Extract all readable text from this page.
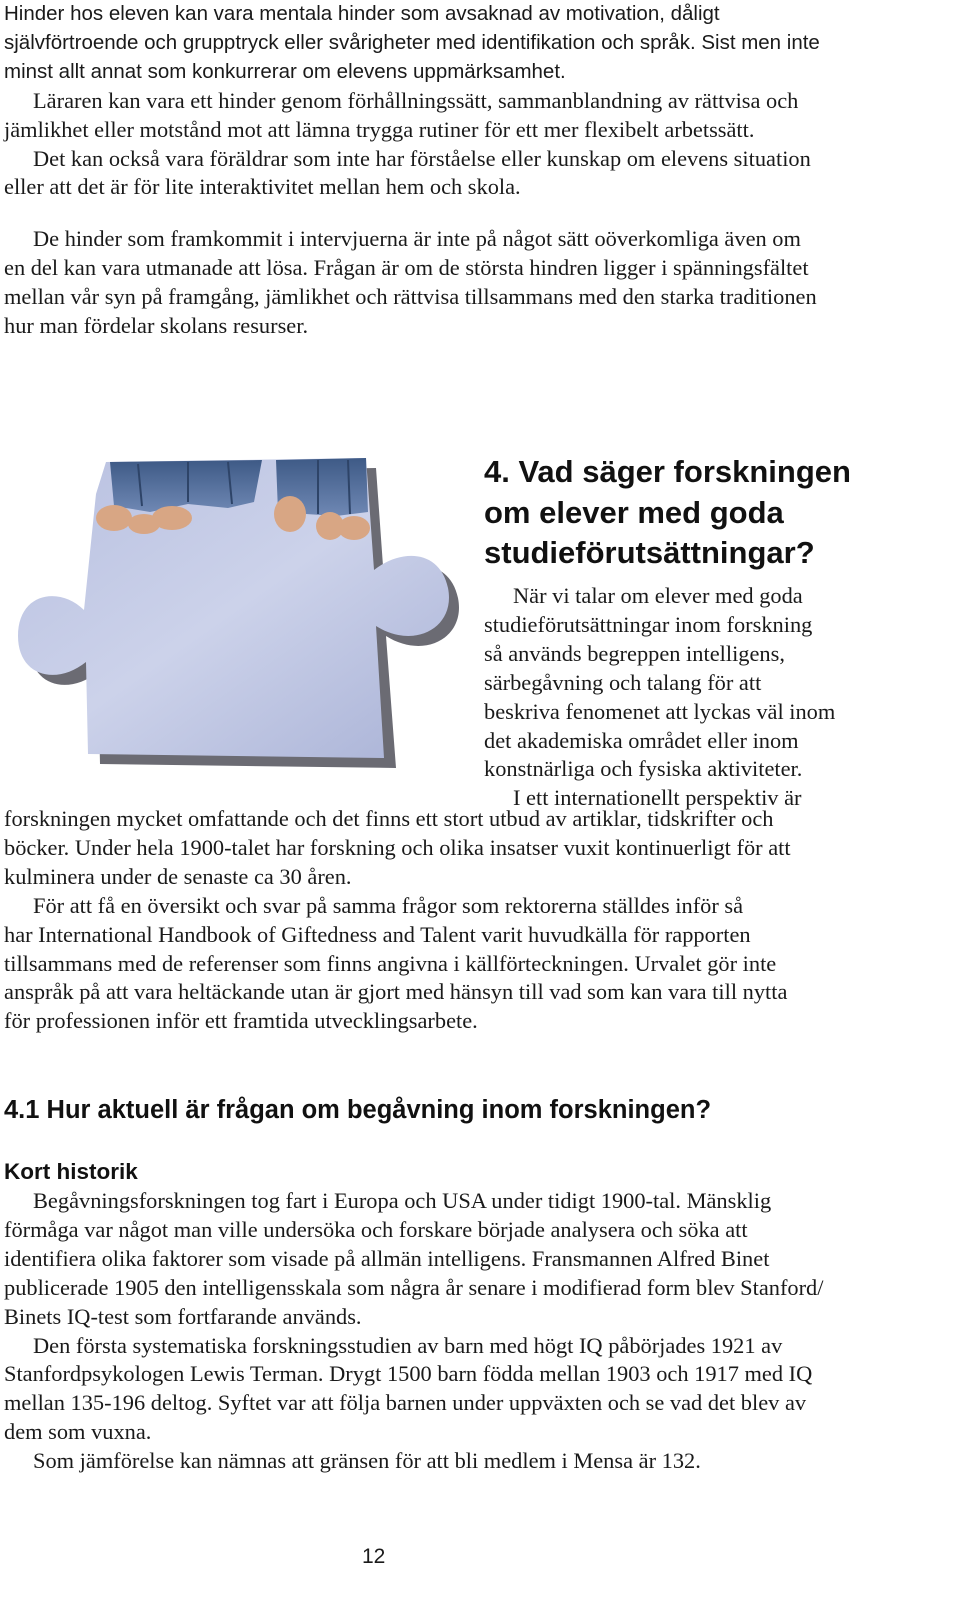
Hinder hos eleven kan vara mentala hinder som avsaknad av motivation, dåligt
självförtroende och grupptryck eller svårigheter med identifikation och språk. Sist men inte
minst allt annat som konkurrerar om elevens uppmärksamhet.
Läraren kan vara ett hinder genom förhållningssätt, sammanblandning av rättvisa och
jämlikhet eller motstånd mot att lämna trygga rutiner för ett mer flexibelt arbetssätt.
Det kan också vara föräldrar som inte har förståelse eller kunskap om elevens situation
eller att det är för lite interaktivitet mellan hem och skola.
De hinder som framkommit i intervjuerna är inte på något sätt oöverkomliga även om
en del kan vara utmanade att lösa. Frågan är om de största hindren ligger i spänningsfältet
mellan vår syn på framgång, jämlikhet och rättvisa tillsammans med den starka traditionen
hur man fördelar skolans resurser.
4. Vad säger forskningen
om elever med goda
studieförutsättningar?
När vi talar om elever med goda
studieförutsättningar inom forskning
så används begreppen intelligens,
särbegåvning och talang för att
beskriva fenomenet att lyckas väl inom
det akademiska området eller inom
konstnärliga och fysiska aktiviteter.
I ett internationellt perspektiv är
forskningen mycket omfattande och det finns ett stort utbud av artiklar, tidskrifter och
böcker. Under hela 1900-talet har forskning och olika insatser vuxit kontinuerligt för att
kulminera under de senaste ca 30 åren.
För att få en översikt och svar på samma frågor som rektorerna ställdes inför så
har International Handbook of Giftedness and Talent varit huvudkälla för rapporten
tillsammans med de referenser som finns angivna i källförteckningen. Urvalet gör inte
anspråk på att vara heltäckande utan är gjort med hänsyn till vad som kan vara till nytta
för professionen inför ett framtida utvecklingsarbete.
4.1 Hur aktuell är frågan om begåvning inom forskningen?
Kort historik
Begåvningsforskningen tog fart i Europa och USA under tidigt 1900-tal. Mänsklig
förmåga var något man ville undersöka och forskare började analysera och söka att
identifiera olika faktorer som visade på allmän intelligens. Fransmannen Alfred Binet
publicerade 1905 den intelligensskala som några år senare i modifierad form blev Stanford/
Binets IQ-test som fortfarande används.
Den första systematiska forskningsstudien av barn med högt IQ påbörjades 1921 av
Stanfordpsykologen Lewis Terman. Drygt 1500 barn födda mellan 1903 och 1917 med IQ
mellan 135-196 deltog. Syftet var att följa barnen under uppväxten och se vad det blev av
dem som vuxna.
Som jämförelse kan nämnas att gränsen för att bli medlem i Mensa är 132.

12
